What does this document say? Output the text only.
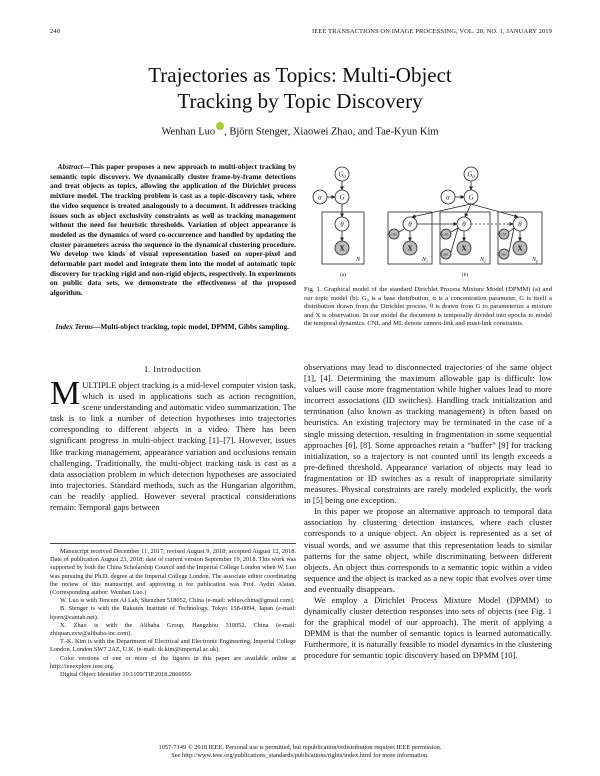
240	IEEE TRANSACTIONS ON IMAGE PROCESSING, VOL. 28, NO. 1, JANUARY 2019
Trajectories as Topics: Multi-Object
Tracking by Topic Discovery
Wenhan Luo , Björn Stenger, Xiaowei Zhao, and Tae-Kyun Kim
Abstract—This paper proposes a new approach to multi-object tracking by semantic topic discovery. We dynamically cluster frame-by-frame detections and treat objects as topics, allowing the application of the Dirichlet process mixture model. The tracking problem is cast as a topic-discovery task, where the video sequence is treated analogously to a document. It addresses tracking issues such as object exclusivity constraints as well as tracking management without the need for heuristic thresholds. Variation of object appearance is modeled as the dynamics of word co-occurrence and handled by updating the cluster parameters across the sequence in the dynamical clustering procedure. We develop two kinds of visual representation based on super-pixel and deformable part model and integrate them into the model of automatic topic discovery for tracking rigid and non-rigid objects, respectively. In experiments on public data sets, we demonstrate the effectiveness of the proposed algorithm.
Index Terms—Multi-object tracking, topic model, DPMM, Gibbs sampling.
I. Introduction
MULTIPLE object tracking is a mid-level computer vision task, which is used in applications such as action recognition, scene understanding and automatic video summarization. The task is to link a number of detection hypotheses into trajectories corresponding to different objects in a video. There has been significant progress in multi-object tracking [1]–[7]. However, issues like tracking management, appearance variation and occlusions remain challenging. Traditionally, the multi-object tracking task is cast as a data association problem in which detection hypotheses are associated into trajectories. Standard methods, such as the Hungarian algorithm, can be readily applied. However several practical considerations remain: Temporal gaps between

Manuscript received December 11, 2017; revised August 9, 2018; accepted August 12, 2018. Date of publication August 23, 2018; date of current version September 19, 2018. This work was supported by both the China Scholarship Council and the Imperial College London when W. Luo was pursuing the Ph.D. degree at the Imperial College London. The associate editor coordinating the review of this manuscript and approving it for publication was Prof. Aydin Alatan. (Corresponding author: Wenhan Luo.)

W. Luo is with Tencent AI Lab, Shenzhen 518052, China (e-mail: whluo.china@gmail.com).

B. Stenger is with the Rakuten Institute of Technology, Tokyo 158-0094, Japan (e-mail: bjorn@cantab.net).

X. Zhao is with the Alibaba Group, Hangzhou 310052, China (e-mail: zhiquan.zxw@alibaba-inc.com).

T.-K. Kim is with the Department of Electrical and Electronic Engineering, Imperial College London, London SW7 2AZ, U.K. (e-mail: tk.kim@imperial.ac.uk).

Color versions of one or more of the figures in this paper are available online at http://ieeexplore.ieee.org.

Digital Object Identifier 10.1109/TIP.2018.2866955

$G_0$
α	G
θ
X
N
(a)
$G_0$
α	G
θ	θ	θ
X	X	X
CNL	CNL
ML
CNL
ML
$N_1$	$N_2$	$N_p$
(b)
Fig. 1. Graphical model of the standard Dirichlet Process Mixture Model (DPMM) (a) and our topic model (b). G₀ is a base distribution, α is a concentration parameter, G is itself a distribution drawn from the Dirichlet process, θ is drawn from G to parameterize a mixture and X is observation. In our model the document is temporally divided into epochs to model the temporal dynamics. CNL and ML denote cannot-link and must-link constraints.

observations may lead to disconnected trajectories of the same object [1], [4]. Determining the maximum allowable gap is difficult: low values will cause more fragmentation while higher values lead to more incorrect associations (ID switches). Handling track initialization and termination (also known as tracking management) is often based on heuristics. An existing trajectory may be terminated in the case of a single missing detection, resulting in fragmentation in some sequential approaches [6], [8]. Some approaches retain a “buffer” [9] for tracking initialization, so a trajectory is not counted until its length exceeds a pre-defined threshold. Appearance variation of objects may lead to fragmentation or ID switches as a result of inappropriate similarity measures. Physical constraints are rarely modeled explicitly, the work in [5] being one exception.

In this paper we propose an alternative approach to temporal data association by clustering detection instances, where each cluster corresponds to a unique object. An object is represented as a set of visual words, and we assume that this representation leads to similar patterns for the same object, while discriminating between different objects. An object thus corresponds to a semantic topic within a video sequence and the object is tracked as a new topic that evolves over time and eventually disappears.

We employ a Dirichlet Process Mixture Model (DPMM) to dynamically cluster detection responses into sets of objects (see Fig. 1 for the graphical model of our approach). The merit of applying a DPMM is that the number of semantic topics is learned automatically. Furthermore, it is naturally feasible to model dynamics in the clustering procedure for semantic topic discovery based on DPMM [10].

1057-7149 © 2018 IEEE. Personal use is permitted, but republication/redistribution requires IEEE permission.
See http://www.ieee.org/publications_standards/publications/rights/index.html for more information.
